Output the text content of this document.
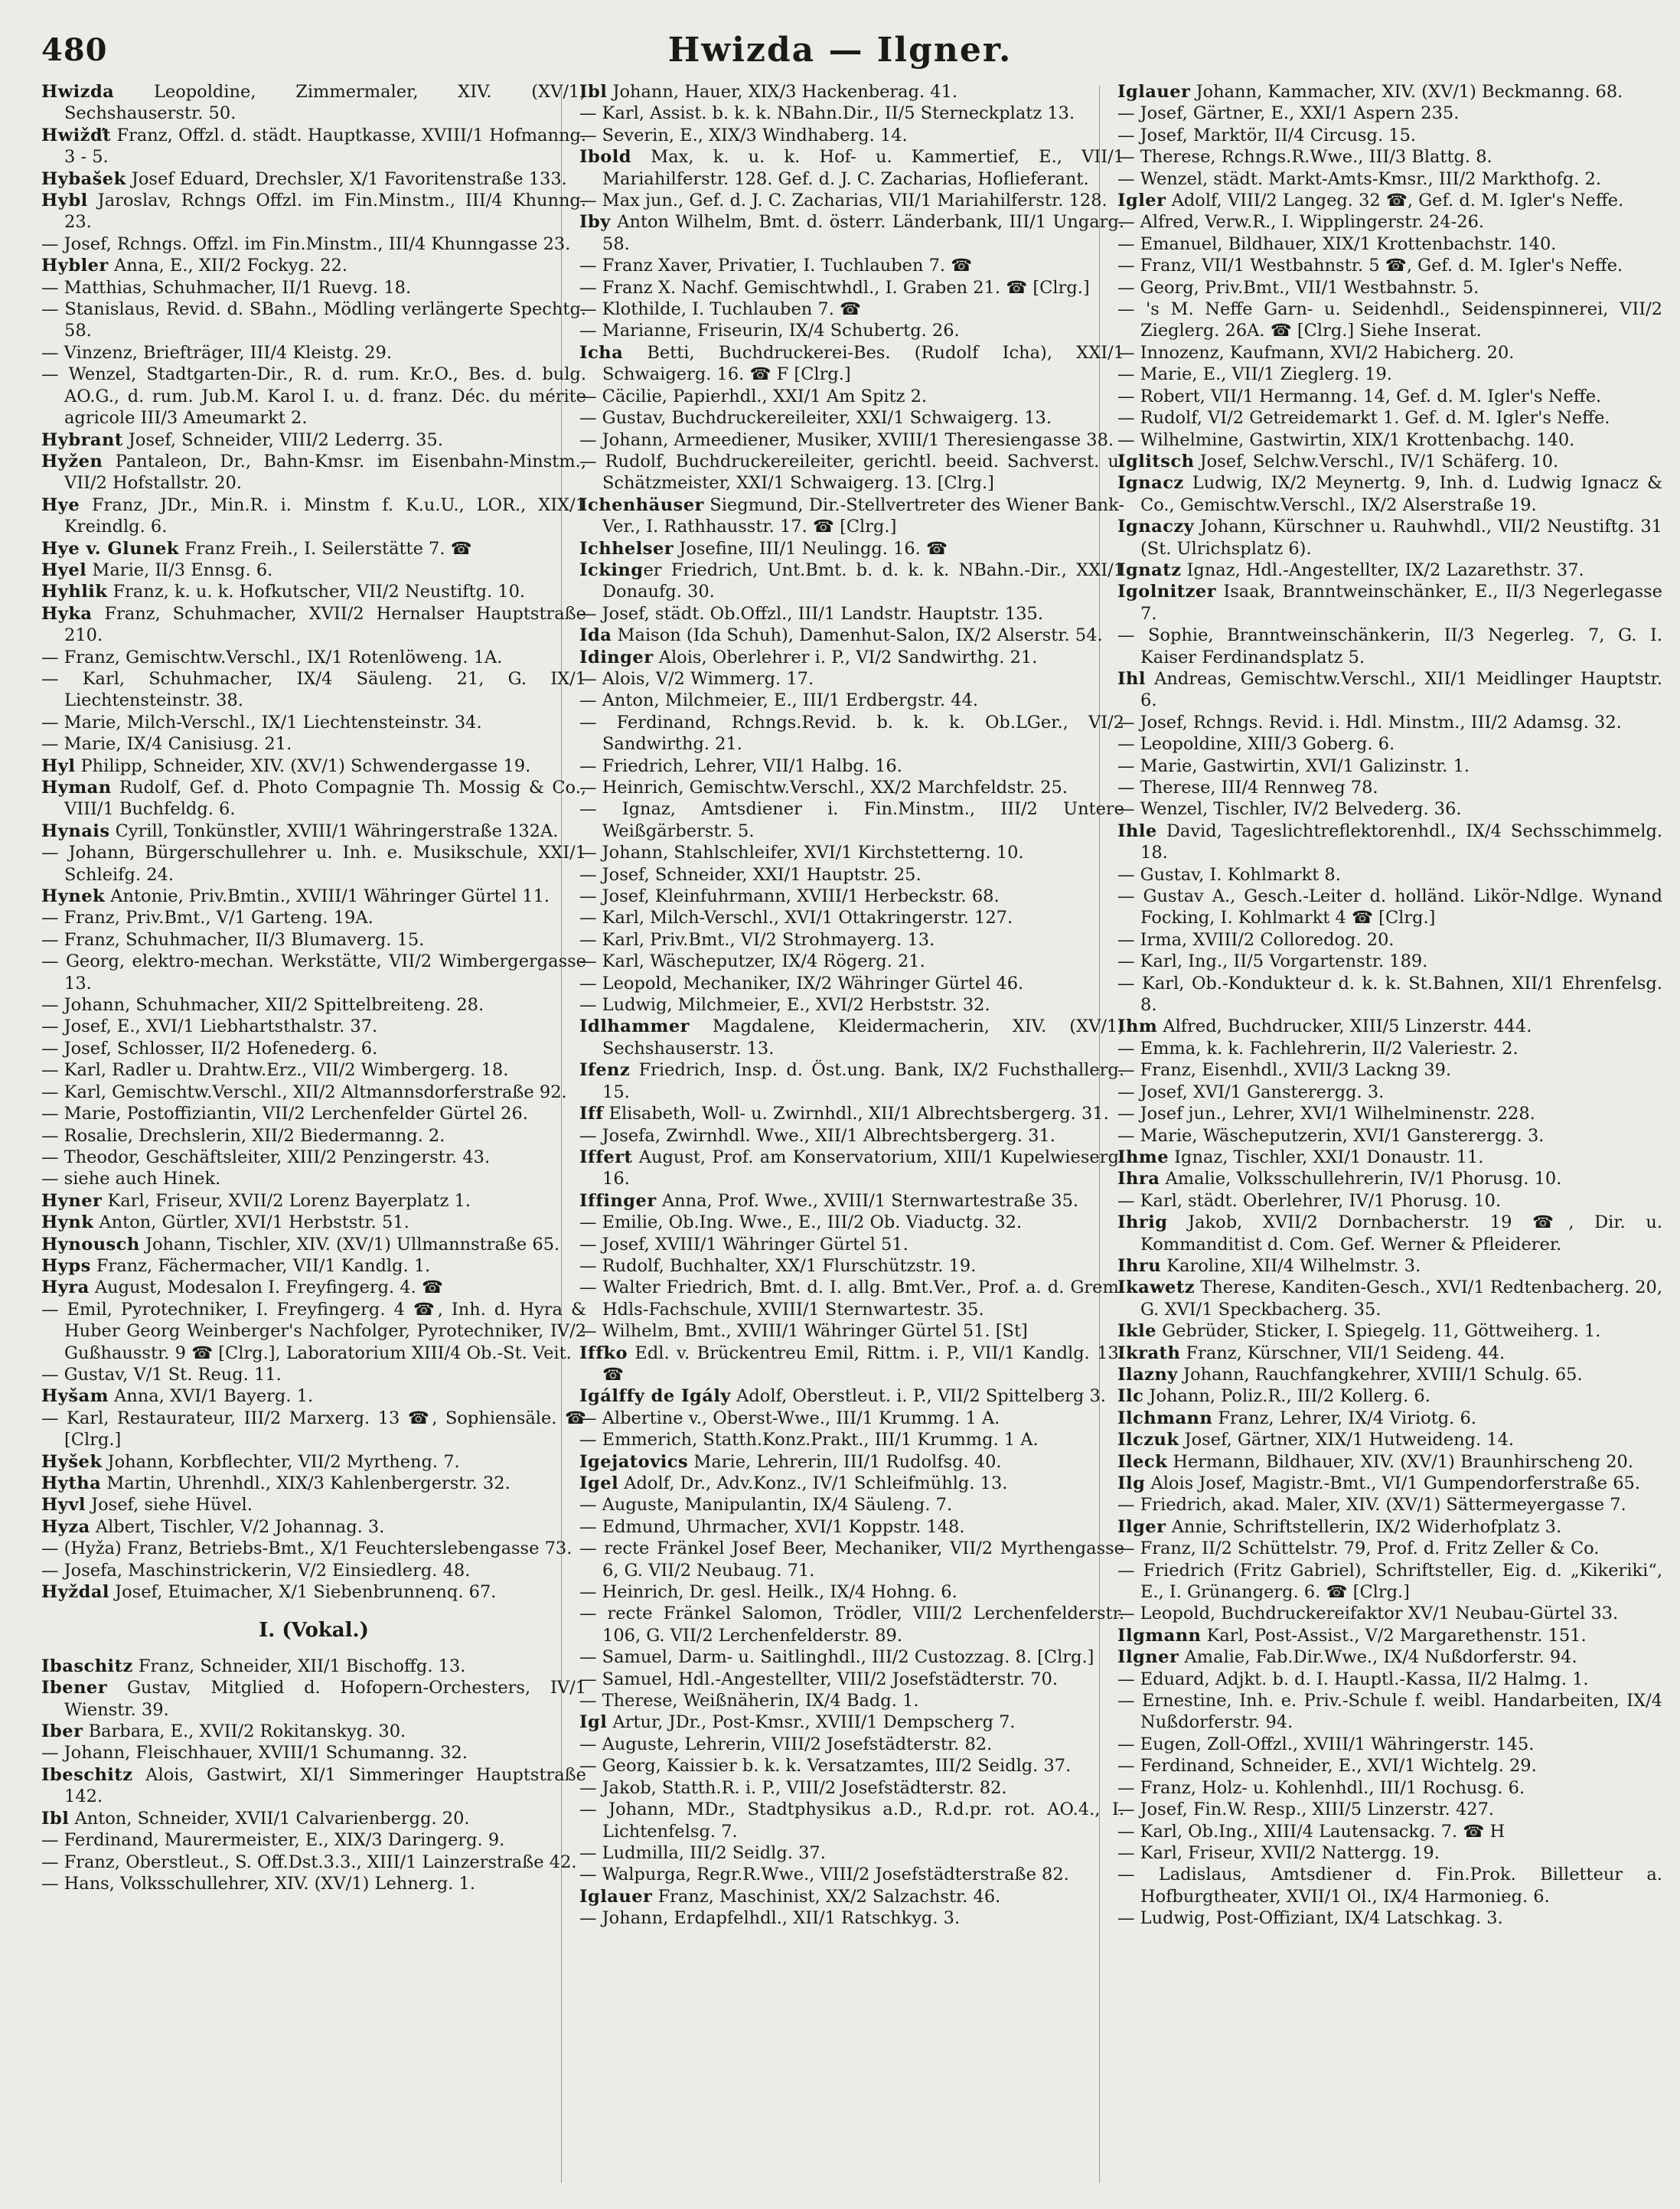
480	Hwizda — Ilgner.

Hwizda Leopoldine, Zimmermaler, XIV. (XV/1) Sechshauserstr. 50.

Hwižďt Franz, Offzl. d. städt. Hauptkasse, XVIII/1 Hofmanng. 3 - 5.

Hybašek Josef Eduard, Drechsler, X/1 Favoritenstraße 133.

Hybl Jaroslav, Rchngs Offzl. im Fin.Minstm., III/4 Khunng. 23.

— Josef, Rchngs. Offzl. im Fin.Minstm., III/4 Khunngasse 23.

Hybler Anna, E., XII/2 Fockyg. 22.

— Matthias, Schuhmacher, II/1 Ruevg. 18.

— Stanislaus, Revid. d. SBahn., Mödling verlängerte Spechtg. 58.

— Vinzenz, Briefträger, III/4 Kleistg. 29.

— Wenzel, Stadtgarten-Dir., R. d. rum. Kr.O., Bes. d. bulg. AO.G., d. rum. Jub.M. Karol I. u. d. franz. Déc. du mérite agricole III/3 Ameumarkt 2.

Hybrant Josef, Schneider, VIII/2 Lederrg. 35.

Hyžen Pantaleon, Dr., Bahn-Kmsr. im Eisenbahn-Minstm., VII/2 Hofstallstr. 20.

Hye Franz, JDr., Min.R. i. Minstm f. K.u.U., LOR., XIX/1 Kreindlg. 6.

Hye v. Glunek Franz Freih., I. Seilerstätte 7. ☎

Hyel Marie, II/3 Ennsg. 6.

Hyhlik Franz, k. u. k. Hofkutscher, VII/2 Neustiftg. 10.

Hyka Franz, Schuhmacher, XVII/2 Hernalser Hauptstraße 210.

— Franz, Gemischtw.Verschl., IX/1 Rotenlöweng. 1A.

— Karl, Schuhmacher, IX/4 Säuleng. 21, G. IX/1 Liechtensteinstr. 38.

— Marie, Milch-Verschl., IX/1 Liechtensteinstr. 34.

— Marie, IX/4 Canisiusg. 21.

Hyl Philipp, Schneider, XIV. (XV/1) Schwendergasse 19.

Hyman Rudolf, Gef. d. Photo Compagnie Th. Mossig & Co., VIII/1 Buchfeldg. 6.

Hynais Cyrill, Tonkünstler, XVIII/1 Währingerstraße 132A.

— Johann, Bürgerschullehrer u. Inh. e. Musikschule, XXI/1 Schleifg. 24.

Hynek Antonie, Priv.Bmtin., XVIII/1 Währinger Gürtel 11.

— Franz, Priv.Bmt., V/1 Garteng. 19A.

— Franz, Schuhmacher, II/3 Blumaverg. 15.

— Georg, elektro-mechan. Werkstätte, VII/2 Wimbergergasse 13.

— Johann, Schuhmacher, XII/2 Spittelbreiteng. 28.

— Josef, E., XVI/1 Liebhartsthalstr. 37.

— Josef, Schlosser, II/2 Hofenederg. 6.

— Karl, Radler u. Drahtw.Erz., VII/2 Wimbergerg. 18.

— Karl, Gemischtw.Verschl., XII/2 Altmannsdorferstraße 92.

— Marie, Postoffiziantin, VII/2 Lerchenfelder Gürtel 26.

— Rosalie, Drechslerin, XII/2 Biedermanng. 2.

— Theodor, Geschäftsleiter, XIII/2 Penzingerstr. 43.

— siehe auch Hinek.

Hyner Karl, Friseur, XVII/2 Lorenz Bayerplatz 1.

Hynk Anton, Gürtler, XVI/1 Herbststr. 51.

Hynousch Johann, Tischler, XIV. (XV/1) Ullmannstraße 65.

Hyps Franz, Fächermacher, VII/1 Kandlg. 1.

Hyra August, Modesalon I. Freyfingerg. 4. ☎

— Emil, Pyrotechniker, I. Freyfingerg. 4 ☎, Inh. d. Hyra & Huber Georg Weinberger's Nachfolger, Pyrotechniker, IV/2 Gußhausstr. 9 ☎ [Clrg.], Laboratorium XIII/4 Ob.-St. Veit.

— Gustav, V/1 St. Reug. 11.

Hyšam Anna, XVI/1 Bayerg. 1.

— Karl, Restaurateur, III/2 Marxerg. 13 ☎, Sophiensäle. ☎ [Clrg.]

Hyšek Johann, Korbflechter, VII/2 Myrtheng. 7.

Hytha Martin, Uhrenhdl., XIX/3 Kahlenbergerstr. 32.

Hyvl Josef, siehe Hüvel.

Hyza Albert, Tischler, V/2 Johannag. 3.

— (Hyža) Franz, Betriebs-Bmt., X/1 Feuchterslebengasse 73.

— Josefa, Maschinstrickerin, V/2 Einsiedlerg. 48.

Hyždal Josef, Etuimacher, X/1 Siebenbrunnenq. 67.

I. (Vokal.)

Ibaschitz Franz, Schneider, XII/1 Bischoffg. 13.

Ibener Gustav, Mitglied d. Hofopern-Orchesters, IV/1 Wienstr. 39.

Iber Barbara, E., XVII/2 Rokitanskyg. 30.

— Johann, Fleischhauer, XVIII/1 Schumanng. 32.

Ibeschitz Alois, Gastwirt, XI/1 Simmeringer Hauptstraße 142.

Ibl Anton, Schneider, XVII/1 Calvarienbergg. 20.

— Ferdinand, Maurermeister, E., XIX/3 Daringerg. 9.

— Franz, Oberstleut., S. Off.Dst.3.3., XIII/1 Lainzerstraße 42.

— Hans, Volksschullehrer, XIV. (XV/1) Lehnerg. 1.

Ibl Johann, Hauer, XIX/3 Hackenberag. 41.

— Karl, Assist. b. k. k. NBahn.Dir., II/5 Sterneckplatz 13.

— Severin, E., XIX/3 Windhaberg. 14.

Ibold Max, k. u. k. Hof- u. Kammertief, E., VII/1 Mariahilferstr. 128. Gef. d. J. C. Zacharias, Hoflieferant.

— Max jun., Gef. d. J. C. Zacharias, VII/1 Mariahilferstr. 128.

Iby Anton Wilhelm, Bmt. d. österr. Länderbank, III/1 Ungarg. 58.

— Franz Xaver, Privatier, I. Tuchlauben 7. ☎

— Franz X. Nachf. Gemischtwhdl., I. Graben 21. ☎ [Clrg.]

— Klothilde, I. Tuchlauben 7. ☎

— Marianne, Friseurin, IX/4 Schubertg. 26.

Icha Betti, Buchdruckerei-Bes. (Rudolf Icha), XXI/1 Schwaigerg. 16. ☎ F [Clrg.]

— Cäcilie, Papierhdl., XXI/1 Am Spitz 2.

— Gustav, Buchdruckereileiter, XXI/1 Schwaigerg. 13.

— Johann, Armeediener, Musiker, XVIII/1 Theresiengasse 38.

— Rudolf, Buchdruckereileiter, gerichtl. beeid. Sachverst. u. Schätzmeister, XXI/1 Schwaigerg. 13. [Clrg.]

Ichenhäuser Siegmund, Dir.-Stellvertreter des Wiener Bank-Ver., I. Rathhausstr. 17. ☎ [Clrg.]

Ichhelser Josefine, III/1 Neulingg. 16. ☎

Ickinger Friedrich, Unt.Bmt. b. d. k. k. NBahn.-Dir., XXI/1 Donaufg. 30.

— Josef, städt. Ob.Offzl., III/1 Landstr. Hauptstr. 135.

Ida Maison (Ida Schuh), Damenhut-Salon, IX/2 Alserstr. 54.

Idinger Alois, Oberlehrer i. P., VI/2 Sandwirthg. 21.

— Alois, V/2 Wimmerg. 17.

— Anton, Milchmeier, E., III/1 Erdbergstr. 44.

— Ferdinand, Rchngs.Revid. b. k. k. Ob.LGer., VI/2 Sandwirthg. 21.

— Friedrich, Lehrer, VII/1 Halbg. 16.

— Heinrich, Gemischtw.Verschl., XX/2 Marchfeldstr. 25.

— Ignaz, Amtsdiener i. Fin.Minstm., III/2 Untere Weißgärberstr. 5.

— Johann, Stahlschleifer, XVI/1 Kirchstetterng. 10.

— Josef, Schneider, XXI/1 Hauptstr. 25.

— Josef, Kleinfuhrmann, XVIII/1 Herbeckstr. 68.

— Karl, Milch-Verschl., XVI/1 Ottakringerstr. 127.

— Karl, Priv.Bmt., VI/2 Strohmayerg. 13.

— Karl, Wäscheputzer, IX/4 Rögerg. 21.

— Leopold, Mechaniker, IX/2 Währinger Gürtel 46.

— Ludwig, Milchmeier, E., XVI/2 Herbststr. 32.

Idlhammer Magdalene, Kleidermacherin, XIV. (XV/1) Sechshauserstr. 13.

Ifenz Friedrich, Insp. d. Öst.ung. Bank, IX/2 Fuchsthallerg. 15.

Iff Elisabeth, Woll- u. Zwirnhdl., XII/1 Albrechtsbergerg. 31.

— Josefa, Zwirnhdl. Wwe., XII/1 Albrechtsbergerg. 31.

Iffert August, Prof. am Konservatorium, XIII/1 Kupelwieserg. 16.

Iffinger Anna, Prof. Wwe., XVIII/1 Sternwartestraße 35.

— Emilie, Ob.Ing. Wwe., E., III/2 Ob. Viaductg. 32.

— Josef, XVIII/1 Währinger Gürtel 51.

— Rudolf, Buchhalter, XX/1 Flurschützstr. 19.

— Walter Friedrich, Bmt. d. I. allg. Bmt.Ver., Prof. a. d. Grem. Hdls-Fachschule, XVIII/1 Sternwartestr. 35.

— Wilhelm, Bmt., XVIII/1 Währinger Gürtel 51. [St]

Iffko Edl. v. Brückentreu Emil, Rittm. i. P., VII/1 Kandlg. 13. ☎

Igálffy de Igály Adolf, Oberstleut. i. P., VII/2 Spittelberg 3.

— Albertine v., Oberst-Wwe., III/1 Krummg. 1 A.

— Emmerich, Statth.Konz.Prakt., III/1 Krummg. 1 A.

Igejatovics Marie, Lehrerin, III/1 Rudolfsg. 40.

Igel Adolf, Dr., Adv.Konz., IV/1 Schleifmühlg. 13.

— Auguste, Manipulantin, IX/4 Säuleng. 7.

— Edmund, Uhrmacher, XVI/1 Koppstr. 148.

— recte Fränkel Josef Beer, Mechaniker, VII/2 Myrthengasse 6, G. VII/2 Neubaug. 71.

— Heinrich, Dr. gesl. Heilk., IX/4 Hohng. 6.

— recte Fränkel Salomon, Trödler, VIII/2 Lerchenfelderstr. 106, G. VII/2 Lerchenfelderstr. 89.

— Samuel, Darm- u. Saitlinghdl., III/2 Custozzag. 8. [Clrg.]

— Samuel, Hdl.-Angestellter, VIII/2 Josefstädterstr. 70.

— Therese, Weißnäherin, IX/4 Badg. 1.

Igl Artur, JDr., Post-Kmsr., XVIII/1 Dempscherg 7.

— Auguste, Lehrerin, VIII/2 Josefstädterstr. 82.

— Georg, Kaissier b. k. k. Versatzamtes, III/2 Seidlg. 37.

— Jakob, Statth.R. i. P., VIII/2 Josefstädterstr. 82.

— Johann, MDr., Stadtphysikus a.D., R.d.pr. rot. AO.4., I. Lichtenfelsg. 7.

— Ludmilla, III/2 Seidlg. 37.

— Walpurga, Regr.R.Wwe., VIII/2 Josefstädterstraße 82.

Iglauer Franz, Maschinist, XX/2 Salzachstr. 46.

— Johann, Erdapfelhdl., XII/1 Ratschkyg. 3.

Iglauer Johann, Kammacher, XIV. (XV/1) Beckmanng. 68.

— Josef, Gärtner, E., XXI/1 Aspern 235.

— Josef, Marktör, II/4 Circusg. 15.

— Therese, Rchngs.R.Wwe., III/3 Blattg. 8.

— Wenzel, städt. Markt-Amts-Kmsr., III/2 Markthofg. 2.

Igler Adolf, VIII/2 Langeg. 32 ☎, Gef. d. M. Igler's Neffe.

— Alfred, Verw.R., I. Wipplingerstr. 24-26.

— Emanuel, Bildhauer, XIX/1 Krottenbachstr. 140.

— Franz, VII/1 Westbahnstr. 5 ☎, Gef. d. M. Igler's Neffe.

— Georg, Priv.Bmt., VII/1 Westbahnstr. 5.

— 's M. Neffe Garn- u. Seidenhdl., Seidenspinnerei, VII/2 Zieglerg. 26A. ☎ [Clrg.] Siehe Inserat.

— Innozenz, Kaufmann, XVI/2 Habicherg. 20.

— Marie, E., VII/1 Zieglerg. 19.

— Robert, VII/1 Hermanng. 14, Gef. d. M. Igler's Neffe.

— Rudolf, VI/2 Getreidemarkt 1. Gef. d. M. Igler's Neffe.

— Wilhelmine, Gastwirtin, XIX/1 Krottenbachg. 140.

Iglitsch Josef, Selchw.Verschl., IV/1 Schäferg. 10.

Ignacz Ludwig, IX/2 Meynertg. 9, Inh. d. Ludwig Ignacz & Co., Gemischtw.Verschl., IX/2 Alserstraße 19.

Ignaczy Johann, Kürschner u. Rauhwhdl., VII/2 Neustiftg. 31 (St. Ulrichsplatz 6).

Ignatz Ignaz, Hdl.-Angestellter, IX/2 Lazarethstr. 37.

Igolnitzer Isaak, Branntweinschänker, E., II/3 Negerlegasse 7.

— Sophie, Branntweinschänkerin, II/3 Negerleg. 7, G. I. Kaiser Ferdinandsplatz 5.

Ihl Andreas, Gemischtw.Verschl., XII/1 Meidlinger Hauptstr. 6.

— Josef, Rchngs. Revid. i. Hdl. Minstm., III/2 Adamsg. 32.

— Leopoldine, XIII/3 Goberg. 6.

— Marie, Gastwirtin, XVI/1 Galizinstr. 1.

— Therese, III/4 Rennweg 78.

— Wenzel, Tischler, IV/2 Belvederg. 36.

Ihle David, Tageslichtreflektorenhdl., IX/4 Sechsschimmelg. 18.

— Gustav, I. Kohlmarkt 8.

— Gustav A., Gesch.-Leiter d. holländ. Likör-Ndlge. Wynand Focking, I. Kohlmarkt 4 ☎ [Clrg.]

— Irma, XVIII/2 Colloredog. 20.

— Karl, Ing., II/5 Vorgartenstr. 189.

— Karl, Ob.-Kondukteur d. k. k. St.Bahnen, XII/1 Ehrenfelsg. 8.

Ihm Alfred, Buchdrucker, XIII/5 Linzerstr. 444.

— Emma, k. k. Fachlehrerin, II/2 Valeriestr. 2.

— Franz, Eisenhdl., XVII/3 Lackng 39.

— Josef, XVI/1 Gansterergg. 3.

— Josef jun., Lehrer, XVI/1 Wilhelminenstr. 228.

— Marie, Wäscheputzerin, XVI/1 Gansterergg. 3.

Ihme Ignaz, Tischler, XXI/1 Donaustr. 11.

Ihra Amalie, Volksschullehrerin, IV/1 Phorusg. 10.

— Karl, städt. Oberlehrer, IV/1 Phorusg. 10.

Ihrig Jakob, XVII/2 Dornbacherstr. 19 ☎, Dir. u. Kommanditist d. Com. Gef. Werner & Pfleiderer.

Ihru Karoline, XII/4 Wilhelmstr. 3.

Ikawetz Therese, Kanditen-Gesch., XVI/1 Redtenbacherg. 20, G. XVI/1 Speckbacherg. 35.

Ikle Gebrüder, Sticker, I. Spiegelg. 11, Göttweiherg. 1.

Ikrath Franz, Kürschner, VII/1 Seideng. 44.

Ilazny Johann, Rauchfangkehrer, XVIII/1 Schulg. 65.

Ilc Johann, Poliz.R., III/2 Kollerg. 6.

Ilchmann Franz, Lehrer, IX/4 Viriotg. 6.

Ilczuk Josef, Gärtner, XIX/1 Hutweideng. 14.

Ileck Hermann, Bildhauer, XIV. (XV/1) Braunhirscheng 20.

Ilg Alois Josef, Magistr.-Bmt., VI/1 Gumpendorferstraße 65.

— Friedrich, akad. Maler, XIV. (XV/1) Sättermeyergasse 7.

Ilger Annie, Schriftstellerin, IX/2 Widerhofplatz 3.

— Franz, II/2 Schüttelstr. 79, Prof. d. Fritz Zeller & Co.

— Friedrich (Fritz Gabriel), Schriftsteller, Eig. d. „Kikeriki“, E., I. Grünangerg. 6. ☎ [Clrg.]

— Leopold, Buchdruckereifaktor XV/1 Neubau-Gürtel 33.

Ilgmann Karl, Post-Assist., V/2 Margarethenstr. 151.

Ilgner Amalie, Fab.Dir.Wwe., IX/4 Nußdorferstr. 94.

— Eduard, Adjkt. b. d. I. Hauptl.-Kassa, II/2 Halmg. 1.

— Ernestine, Inh. e. Priv.-Schule f. weibl. Handarbeiten, IX/4 Nußdorferstr. 94.

— Eugen, Zoll-Offzl., XVIII/1 Währingerstr. 145.

— Ferdinand, Schneider, E., XVI/1 Wichtelg. 29.

— Franz, Holz- u. Kohlenhdl., III/1 Rochusg. 6.

— Josef, Fin.W. Resp., XIII/5 Linzerstr. 427.

— Karl, Ob.Ing., XIII/4 Lautensackg. 7. ☎ H

— Karl, Friseur, XVII/2 Nattergg. 19.

— Ladislaus, Amtsdiener d. Fin.Prok. Billetteur a. Hofburgtheater, XVII/1 Ol., IX/4 Harmonieg. 6.

— Ludwig, Post-Offiziant, IX/4 Latschkag. 3.
